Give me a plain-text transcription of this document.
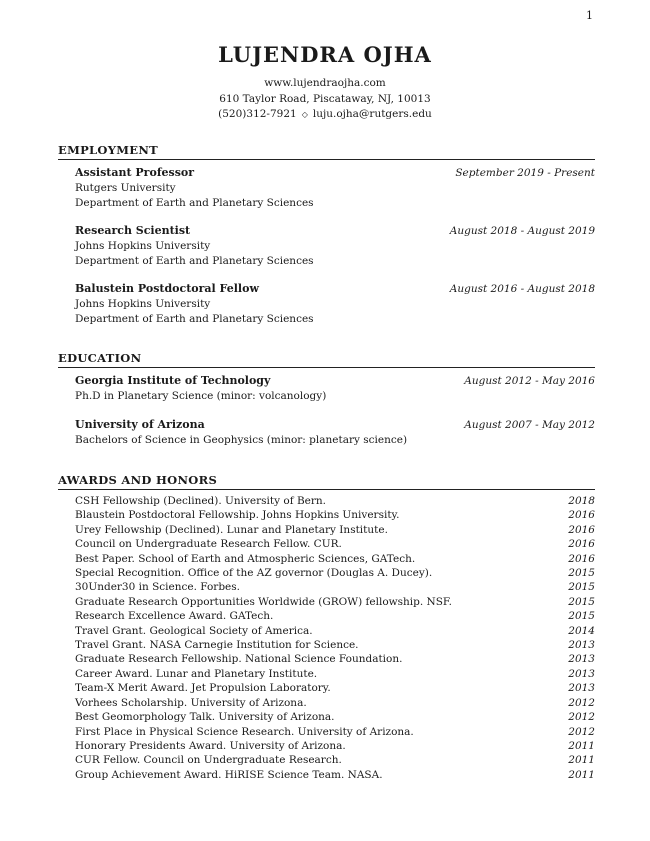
1
LUJENDRA OJHA
www.lujendraojha.com
610 Taylor Road, Piscataway, NJ, 10013
(520)312-7921 ◇ luju.ojha@rutgers.edu
EMPLOYMENT
Assistant Professor	September 2019 - Present
Rutgers University
Department of Earth and Planetary Sciences
Research Scientist	August 2018 - August 2019
Johns Hopkins University
Department of Earth and Planetary Sciences
Balustein Postdoctoral Fellow	August 2016 - August 2018
Johns Hopkins University
Department of Earth and Planetary Sciences
EDUCATION
Georgia Institute of Technology	August 2012 - May 2016
Ph.D in Planetary Science (minor: volcanology)
University of Arizona	August 2007 - May 2012
Bachelors of Science in Geophysics (minor: planetary science)
AWARDS AND HONORS
CSH Fellowship (Declined). University of Bern.	2018
Blaustein Postdoctoral Fellowship. Johns Hopkins University.	2016
Urey Fellowship (Declined). Lunar and Planetary Institute.	2016
Council on Undergraduate Research Fellow. CUR.	2016
Best Paper. School of Earth and Atmospheric Sciences, GATech.	2016
Special Recognition. Office of the AZ governor (Douglas A. Ducey).	2015
30Under30 in Science. Forbes.	2015
Graduate Research Opportunities Worldwide (GROW) fellowship. NSF.	2015
Research Excellence Award. GATech.	2015
Travel Grant. Geological Society of America.	2014
Travel Grant. NASA Carnegie Institution for Science.	2013
Graduate Research Fellowship. National Science Foundation.	2013
Career Award. Lunar and Planetary Institute.	2013
Team-X Merit Award. Jet Propulsion Laboratory.	2013
Vorhees Scholarship. University of Arizona.	2012
Best Geomorphology Talk. University of Arizona.	2012
First Place in Physical Science Research. University of Arizona.	2012
Honorary Presidents Award. University of Arizona.	2011
CUR Fellow. Council on Undergraduate Research.	2011
Group Achievement Award. HiRISE Science Team. NASA.	2011
